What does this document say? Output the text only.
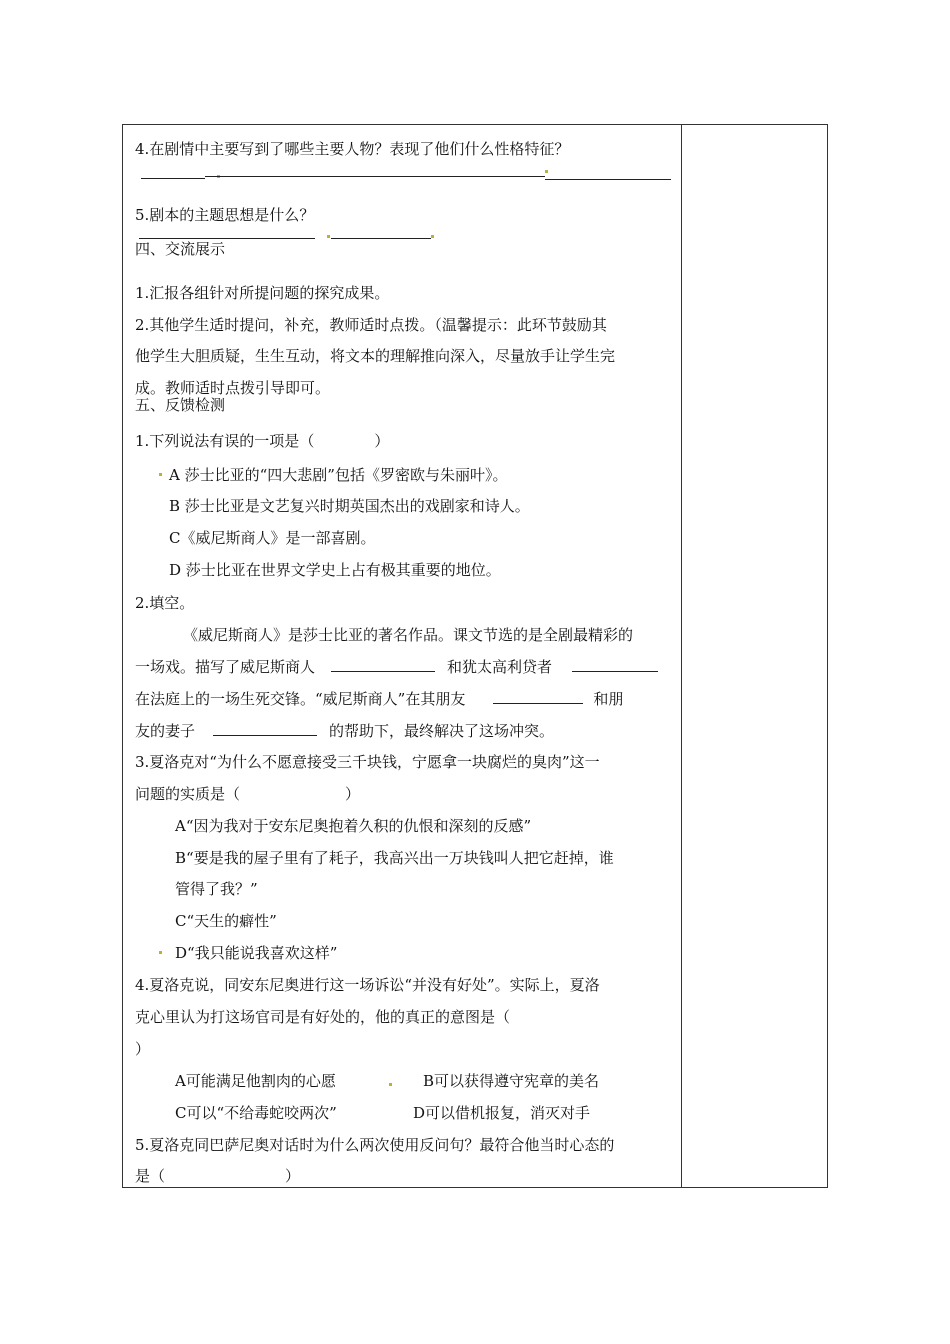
4.在剧情中主要写到了哪些主要人物？表现了他们什么性格特征？
5.剧本的主题思想是什么？
四、交流展示
1.汇报各组针对所提问题的探究成果。
2.其他学生适时提问，补充，教师适时点拨。（温馨提示：此环节鼓励其
他学生大胆质疑，生生互动，将文本的理解推向深入，尽量放手让学生完
成。教师适时点拨引导即可。
五、反馈检测
1.下列说法有误的一项是（　　　　）
A 莎士比亚的“四大悲剧”包括《罗密欧与朱丽叶》。
B 莎士比亚是文艺复兴时期英国杰出的戏剧家和诗人。
C《威尼斯商人》是一部喜剧。
D 莎士比亚在世界文学史上占有极其重要的地位。
2.填空。
《威尼斯商人》是莎士比亚的著名作品。课文节选的是全剧最精彩的
一场戏。描写了威尼斯商人	和犹太高利贷者
在法庭上的一场生死交锋。“威尼斯商人”在其朋友	和朋
友的妻子	的帮助下，最终解决了这场冲突。
3.夏洛克对“为什么不愿意接受三千块钱，宁愿拿一块腐烂的臭肉”这一
问题的实质是（　　　　　　　）
A“因为我对于安东尼奥抱着久积的仇恨和深刻的反感”
B“要是我的屋子里有了耗子，我高兴出一万块钱叫人把它赶掉，谁
管得了我？”
C“天生的癖性”
D“我只能说我喜欢这样”
4.夏洛克说，同安东尼奥进行这一场诉讼“并没有好处”。实际上，夏洛
克心里认为打这场官司是有好处的，他的真正的意图是（
）
A可能满足他割肉的心愿	B可以获得遵守宪章的美名
C可以“不给毒蛇咬两次”	D可以借机报复，消灭对手
5.夏洛克同巴萨尼奥对话时为什么两次使用反问句？最符合他当时心态的
是（　　　　　　　　）
